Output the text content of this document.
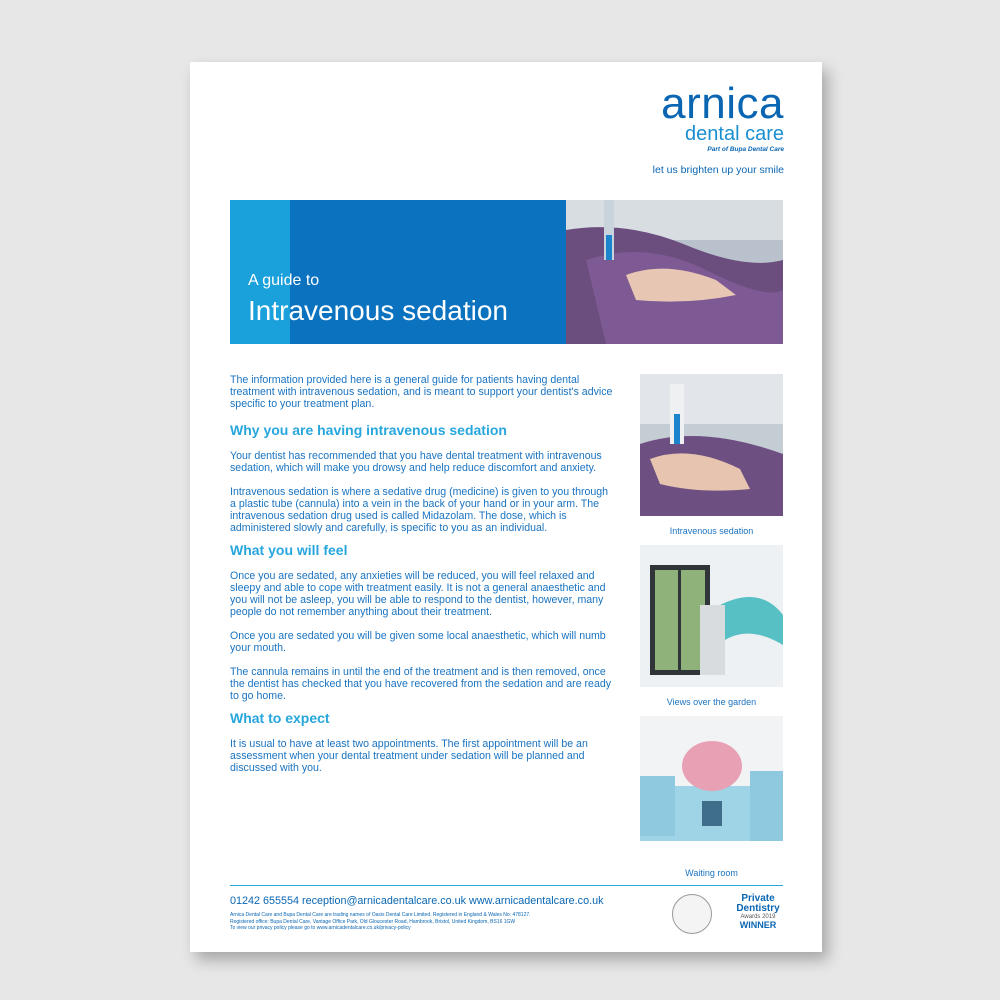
arnica
dental care
Part of Bupa Dental Care
let us brighten up your smile
A guide to
Intravenous sedation

The information provided here is a general guide for patients having dental treatment with intravenous sedation, and is meant to support your dentist's advice specific to your treatment plan.

Why you are having intravenous sedation

Your dentist has recommended that you have dental treatment with intravenous sedation, which will make you drowsy and help reduce discomfort and anxiety.

Intravenous sedation is where a sedative drug (medicine) is given to you through a plastic tube (cannula) into a vein in the back of your hand or in your arm. The intravenous sedation drug used is called Midazolam. The dose, which is administered slowly and carefully, is specific to you as an individual.

What you will feel

Once you are sedated, any anxieties will be reduced, you will feel relaxed and sleepy and able to cope with treatment easily. It is not a general anaesthetic and you will not be asleep, you will be able to respond to the dentist, however, many people do not remember anything about their treatment.

Once you are sedated you will be given some local anaesthetic, which will numb your mouth.

The cannula remains in until the end of the treatment and is then removed, once the dentist has checked that you have recovered from the sedation and are ready to go home.

What to expect

It is usual to have at least two appointments. The first appointment will be an assessment when your dental treatment under sedation will be planned and discussed with you.

Intravenous sedation
Views over the garden
Waiting room
01242 655554 reception@arnicadentalcare.co.uk www.arnicadentalcare.co.uk
Arnica Dental Care and Bupa Dental Care are trading names of Oasis Dental Care Limited. Registered in England & Wales No: 478127.
Registered office: Bupa Dental Care, Vantage Office Park, Old Gloucester Road, Hambrook, Bristol, United Kingdom, BS16 1GW
To view our privacy policy please go to www.arnicadentalcare.co.uk/privacy-policy
Private
Dentistry
Awards 2019
WINNER
